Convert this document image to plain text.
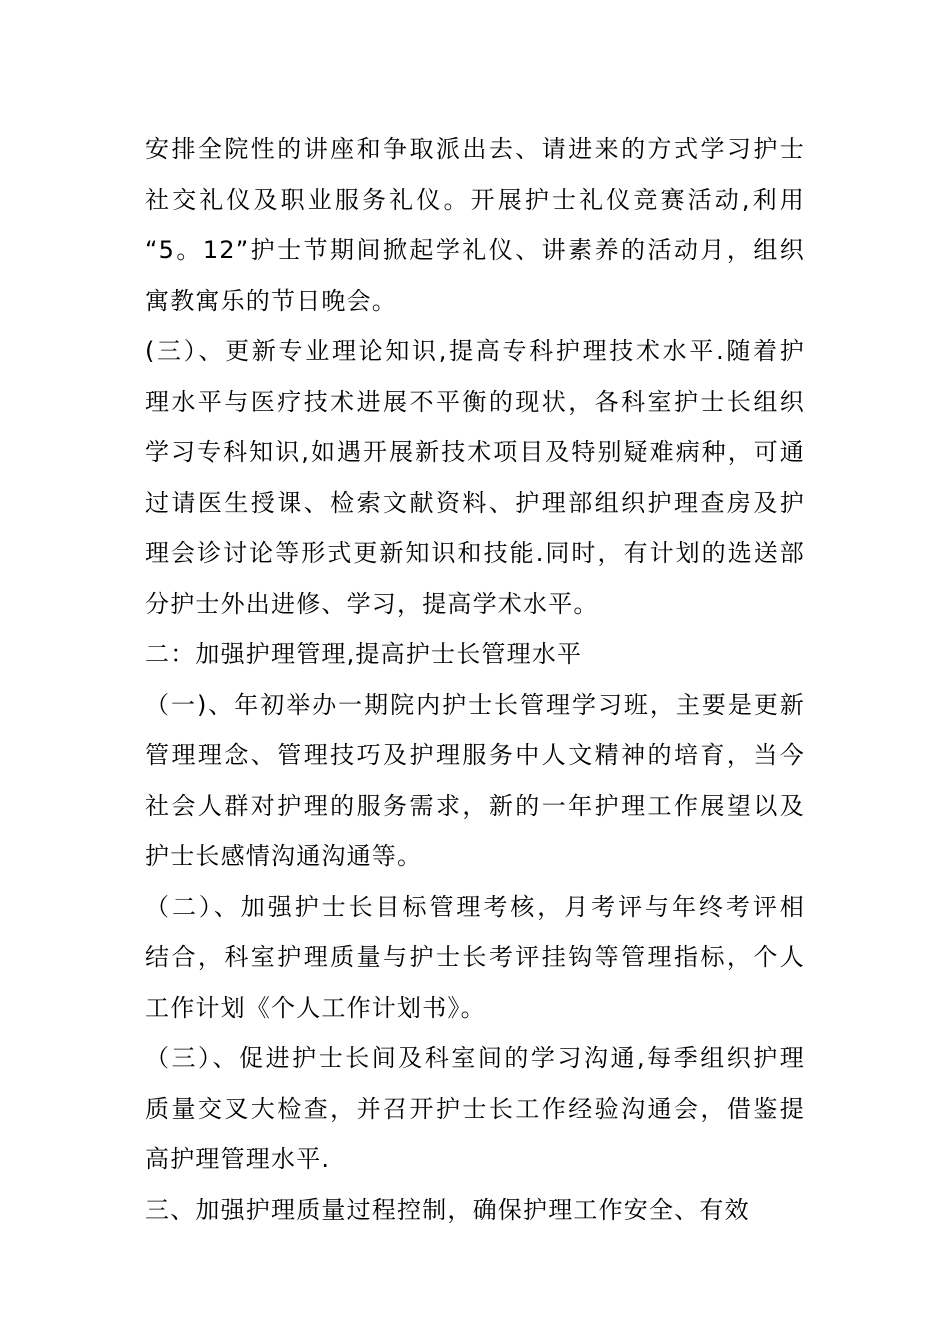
安排全院性的讲座和争取派出去、请进来的方式学习护士
社交礼仪及职业服务礼仪。开展护士礼仪竞赛活动,利用
“5。12”护士节期间掀起学礼仪、讲素养的活动月，组织
寓教寓乐的节日晚会。
(三）、更新专业理论知识,提高专科护理技术水平.随着护
理水平与医疗技术进展不平衡的现状，各科室护士长组织
学习专科知识,如遇开展新技术项目及特别疑难病种，可通
过请医生授课、检索文献资料、护理部组织护理查房及护
理会诊讨论等形式更新知识和技能.同时，有计划的选送部
分护士外出进修、学习，提高学术水平。
二：加强护理管理,提高护士长管理水平
（一)、年初举办一期院内护士长管理学习班，主要是更新
管理理念、管理技巧及护理服务中人文精神的培育，当今
社会人群对护理的服务需求，新的一年护理工作展望以及
护士长感情沟通沟通等。
（二）、加强护士长目标管理考核，月考评与年终考评相
结合，科室护理质量与护士长考评挂钩等管理指标，个人
工作计划《个人工作计划书》。
（三）、促进护士长间及科室间的学习沟通,每季组织护理
质量交叉大检查，并召开护士长工作经验沟通会，借鉴提
高护理管理水平.
三、加强护理质量过程控制，确保护理工作安全、有效
